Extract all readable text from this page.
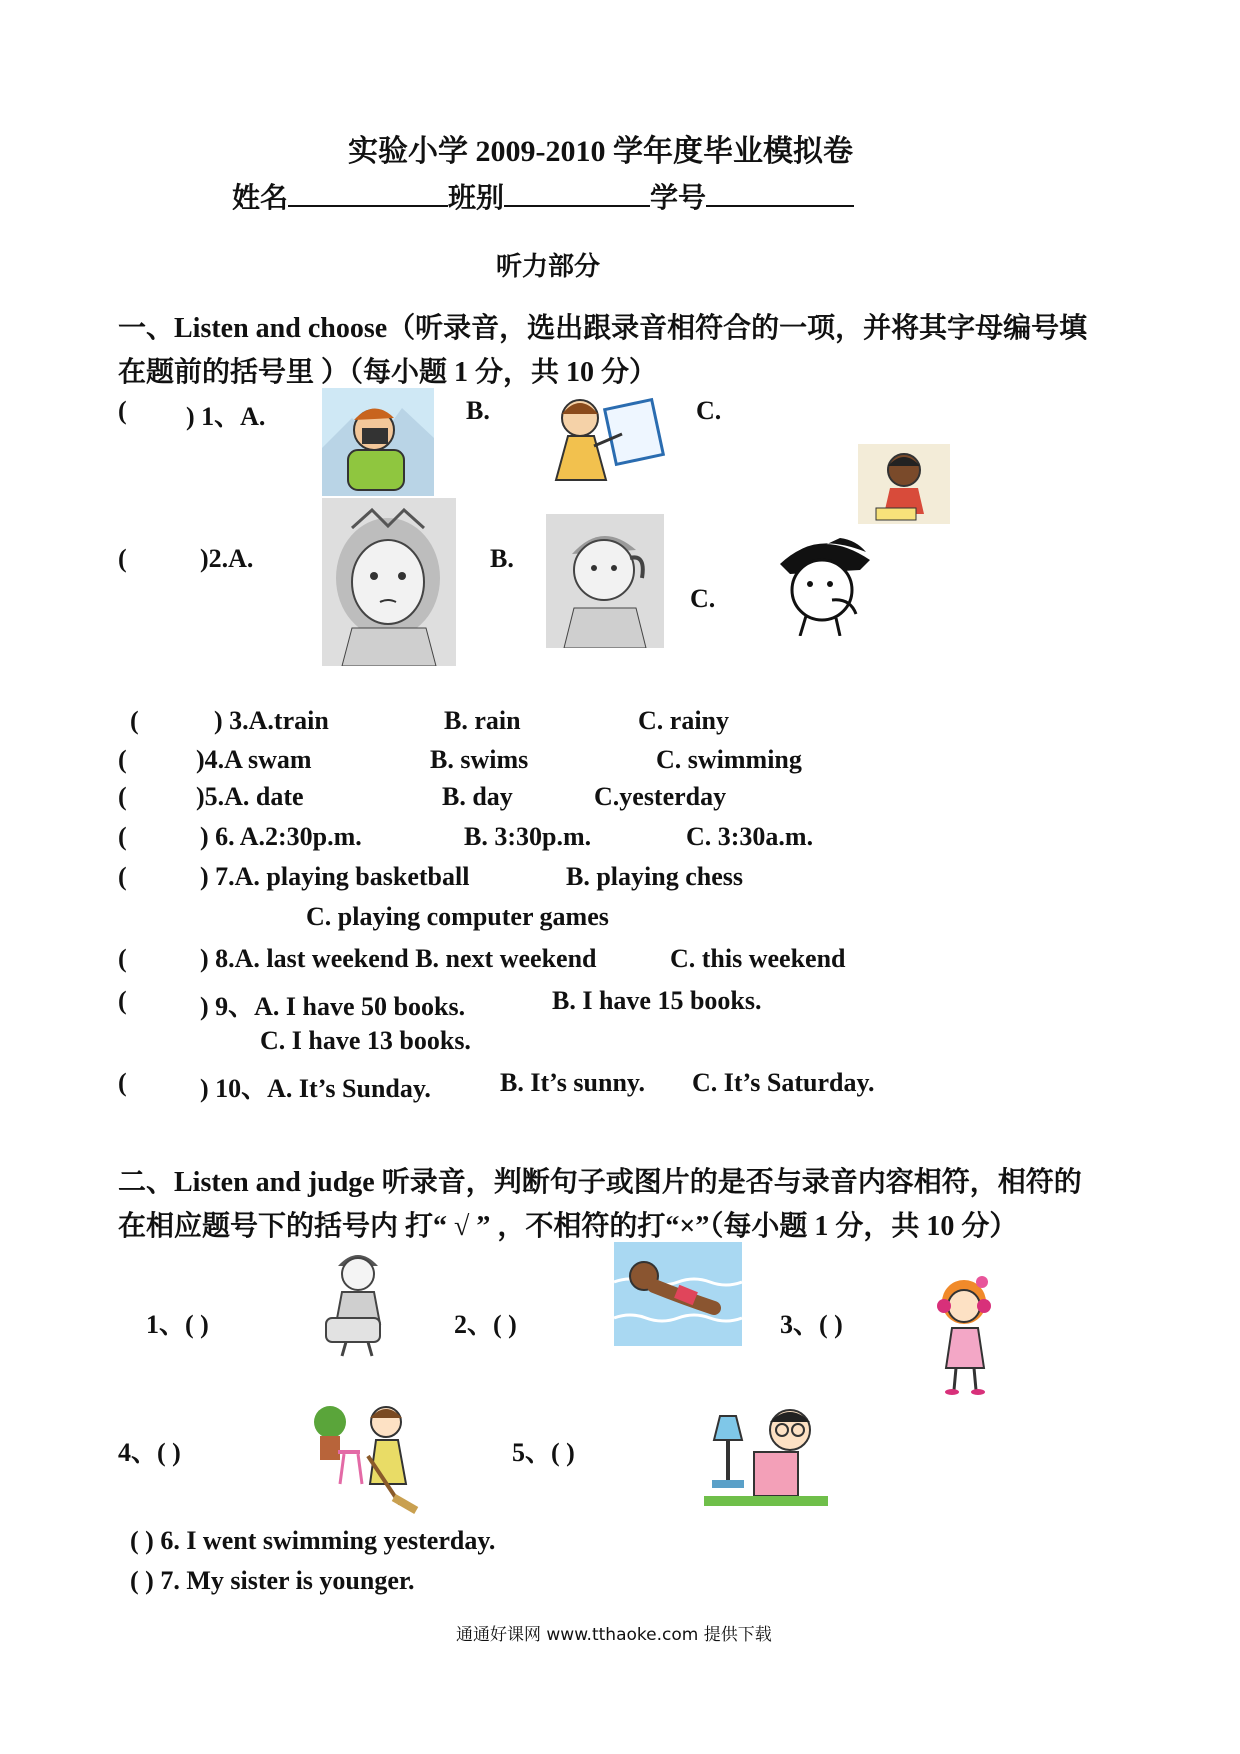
实验小学 2009-2010 学年度毕业模拟卷
姓名	班别	学号
听力部分
一、Listen and choose（听录音，选出跟录音相符合的一项，并将其字母编号填
在题前的括号里 ）（每小题 1 分，共 10 分）
( ) 1、A.	B.	C.
(	)2.A.	B.
C.
(	) 3.A.train	B. rain	C. rainy
(	)4.A swam	B. swims	C. swimming
(	)5.A. date	B. day	C.yesterday
(	) 6. A.2:30p.m.	B. 3:30p.m.	C. 3:30a.m.
(	) 7.A. playing basketball	B. playing chess
C. playing computer games
(	) 8.A. last weekend B. next weekend	C. this weekend
(	) 9、A. I have 50 books.	B. I have 15 books.
C. I have 13 books.
(	) 10、A. It’s Sunday.	B. It’s sunny. C. It’s Saturday.
二、Listen and judge 听录音，判断句子或图片的是否与录音内容相符，相符的
在相应题号下的括号内 打“ √ ” ，不相符的打“×”（每小题 1 分，共 10 分）
1、( )	2、( )	3、( )
4、( )	5、( )
( ) 6. I went swimming yesterday.
( ) 7. My sister is younger.
通通好课网 www.tthaoke.com 提供下载
